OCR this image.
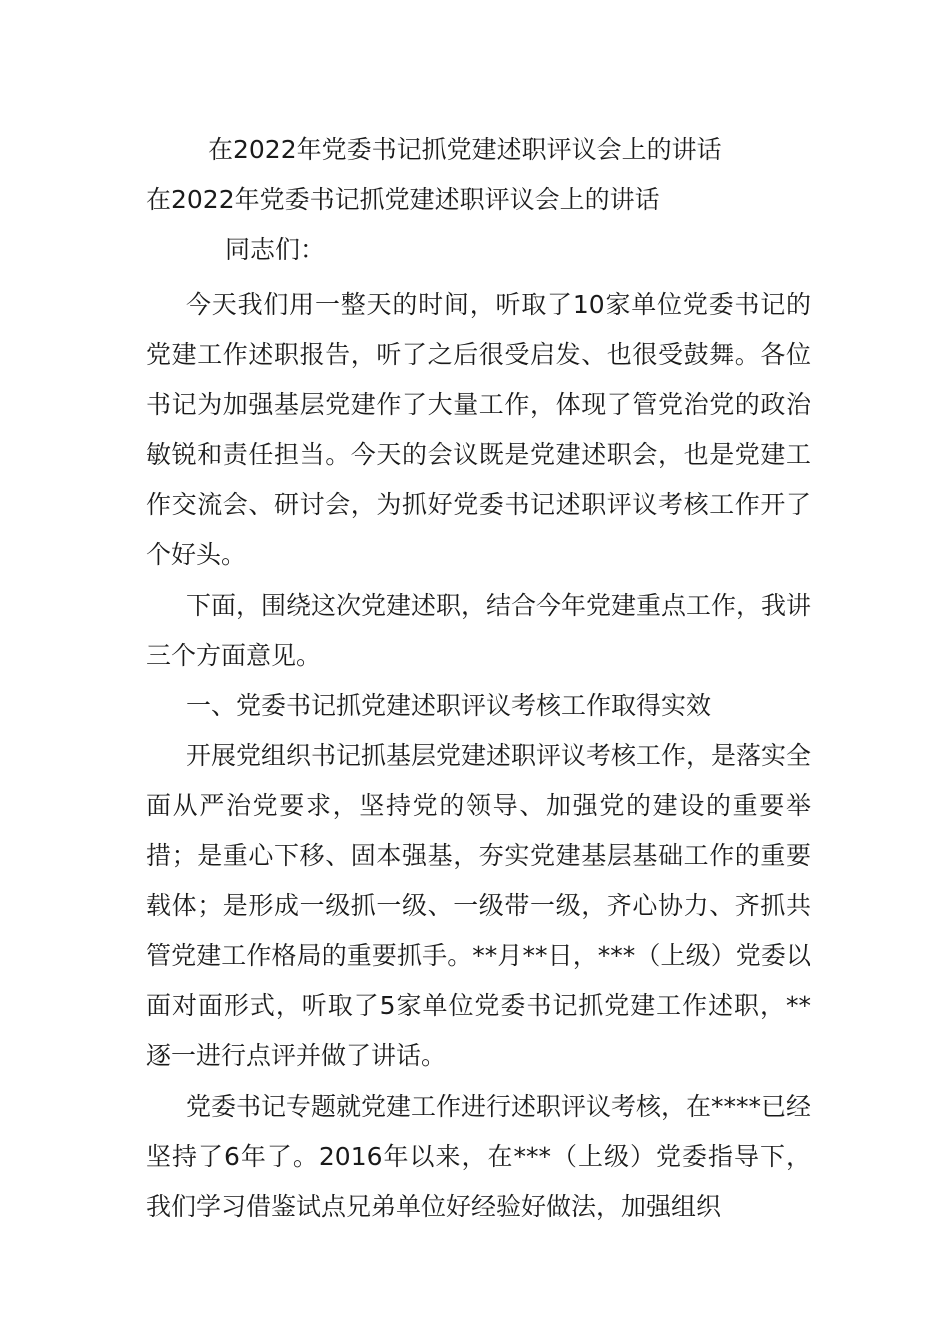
在2022年党委书记抓党建述职评议会上的讲话
在2022年党委书记抓党建述职评议会上的讲话
同志们：

今天我们用一整天的时间，听取了10家单位党委书记的党建工作述职报告，听了之后很受启发、也很受鼓舞。各位书记为加强基层党建作了大量工作，体现了管党治党的政治敏锐和责任担当。今天的会议既是党建述职会，也是党建工作交流会、研讨会，为抓好党委书记述职评议考核工作开了个好头。

下面，围绕这次党建述职，结合今年党建重点工作，我讲三个方面意见。

一、党委书记抓党建述职评议考核工作取得实效

开展党组织书记抓基层党建述职评议考核工作，是落实全面从严治党要求，坚持党的领导、加强党的建设的重要举措；是重心下移、固本强基，夯实党建基层基础工作的重要载体；是形成一级抓一级、一级带一级，齐心协力、齐抓共管党建工作格局的重要抓手。**月**日，***（上级）党委以面对面形式，听取了5家单位党委书记抓党建工作述职，**逐一进行点评并做了讲话。

党委书记专题就党建工作进行述职评议考核，在****已经坚持了6年了。2016年以来，在***（上级）党委指导下，我们学习借鉴试点兄弟单位好经验好做法，加强组织
